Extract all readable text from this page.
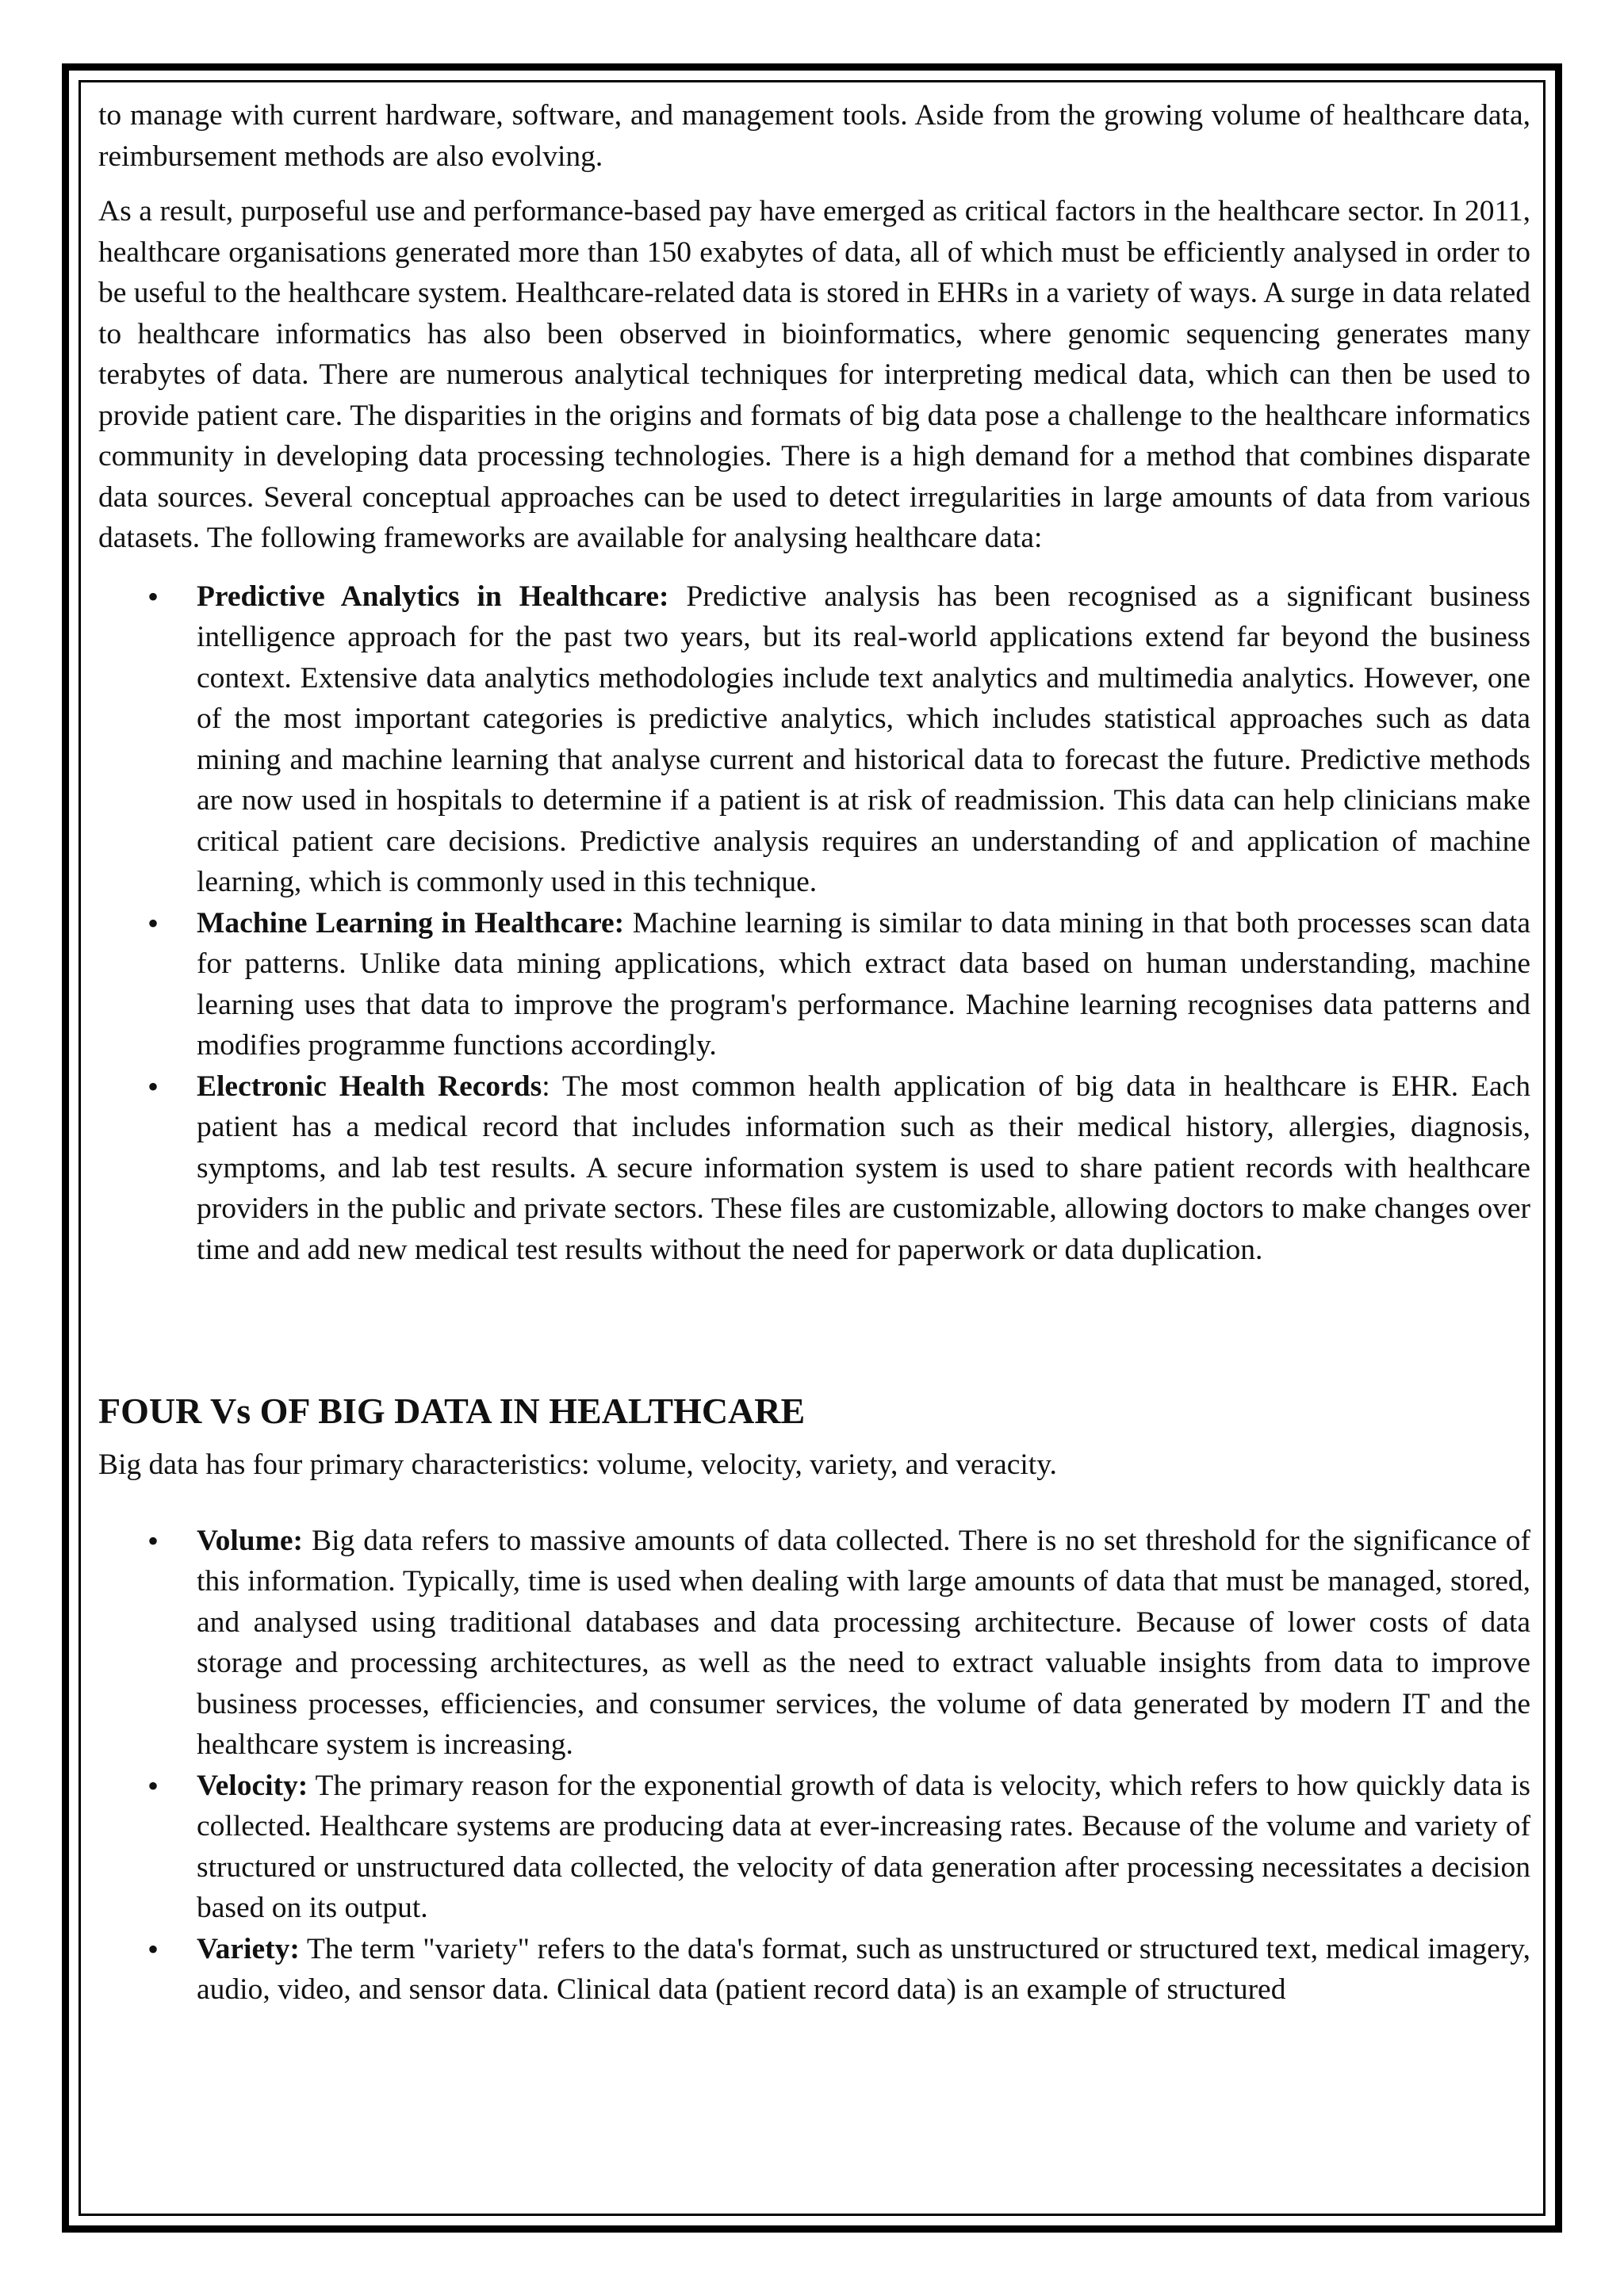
to manage with current hardware, software, and management tools. Aside from the growing volume of healthcare data, reimbursement methods are also evolving.

As a result, purposeful use and performance-based pay have emerged as critical factors in the healthcare sector. In 2011, healthcare organisations generated more than 150 exabytes of data, all of which must be efficiently analysed in order to be useful to the healthcare system. Healthcare-related data is stored in EHRs in a variety of ways. A surge in data related to healthcare informatics has also been observed in bioinformatics, where genomic sequencing generates many terabytes of data. There are numerous analytical techniques for interpreting medical data, which can then be used to provide patient care. The disparities in the origins and formats of big data pose a challenge to the healthcare informatics community in developing data processing technologies. There is a high demand for a method that combines disparate data sources. Several conceptual approaches can be used to detect irregularities in large amounts of data from various datasets. The following frameworks are available for analysing healthcare data:

• Predictive Analytics in Healthcare: Predictive analysis has been recognised as a significant business intelligence approach for the past two years, but its real-world applications extend far beyond the business context. Extensive data analytics methodologies include text analytics and multimedia analytics. However, one of the most important categories is predictive analytics, which includes statistical approaches such as data mining and machine learning that analyse current and historical data to forecast the future. Predictive methods are now used in hospitals to determine if a patient is at risk of readmission. This data can help clinicians make critical patient care decisions. Predictive analysis requires an understanding of and application of machine learning, which is commonly used in this technique.
• Machine Learning in Healthcare: Machine learning is similar to data mining in that both processes scan data for patterns. Unlike data mining applications, which extract data based on human understanding, machine learning uses that data to improve the program's performance. Machine learning recognises data patterns and modifies programme functions accordingly.
• Electronic Health Records: The most common health application of big data in healthcare is EHR. Each patient has a medical record that includes information such as their medical history, allergies, diagnosis, symptoms, and lab test results. A secure information system is used to share patient records with healthcare providers in the public and private sectors. These files are customizable, allowing doctors to make changes over time and add new medical test results without the need for paperwork or data duplication.
FOUR Vs OF BIG DATA IN HEALTHCARE

Big data has four primary characteristics: volume, velocity, variety, and veracity.

• Volume: Big data refers to massive amounts of data collected. There is no set threshold for the significance of this information. Typically, time is used when dealing with large amounts of data that must be managed, stored, and analysed using traditional databases and data processing architecture. Because of lower costs of data storage and processing architectures, as well as the need to extract valuable insights from data to improve business processes, efficiencies, and consumer services, the volume of data generated by modern IT and the healthcare system is increasing.
• Velocity: The primary reason for the exponential growth of data is velocity, which refers to how quickly data is collected. Healthcare systems are producing data at ever-increasing rates. Because of the volume and variety of structured or unstructured data collected, the velocity of data generation after processing necessitates a decision based on its output.
• Variety: The term "variety" refers to the data's format, such as unstructured or structured text, medical imagery, audio, video, and sensor data. Clinical data (patient record data) is an example of structured
